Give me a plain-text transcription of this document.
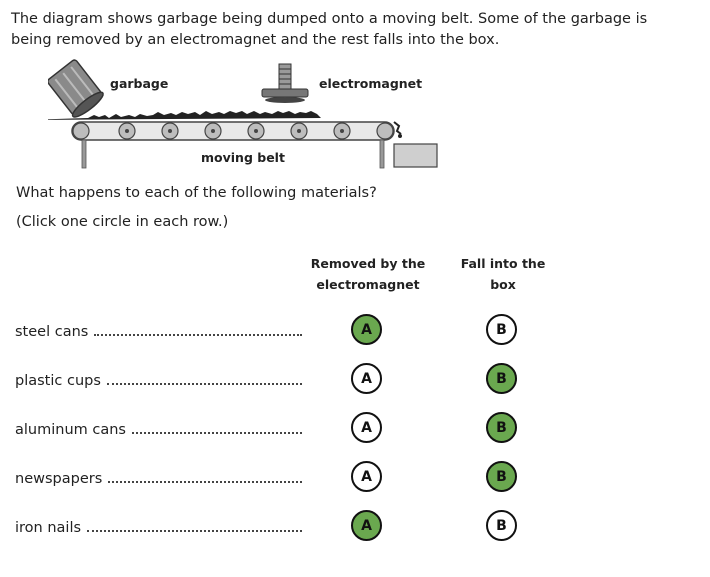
The diagram shows garbage being dumped onto a moving belt. Some of the garbage is being removed by an electromagnet and the rest falls into the box.
garbage	electromagnet
moving belt
What happens to each of the following materials?
(Click one circle in each row.)
Removed by the
electromagnet
Fall into the
box
steel cans	A	B
plastic cups	A	B
aluminum cans	A	B
newspapers	A	B
iron nails	A	B
